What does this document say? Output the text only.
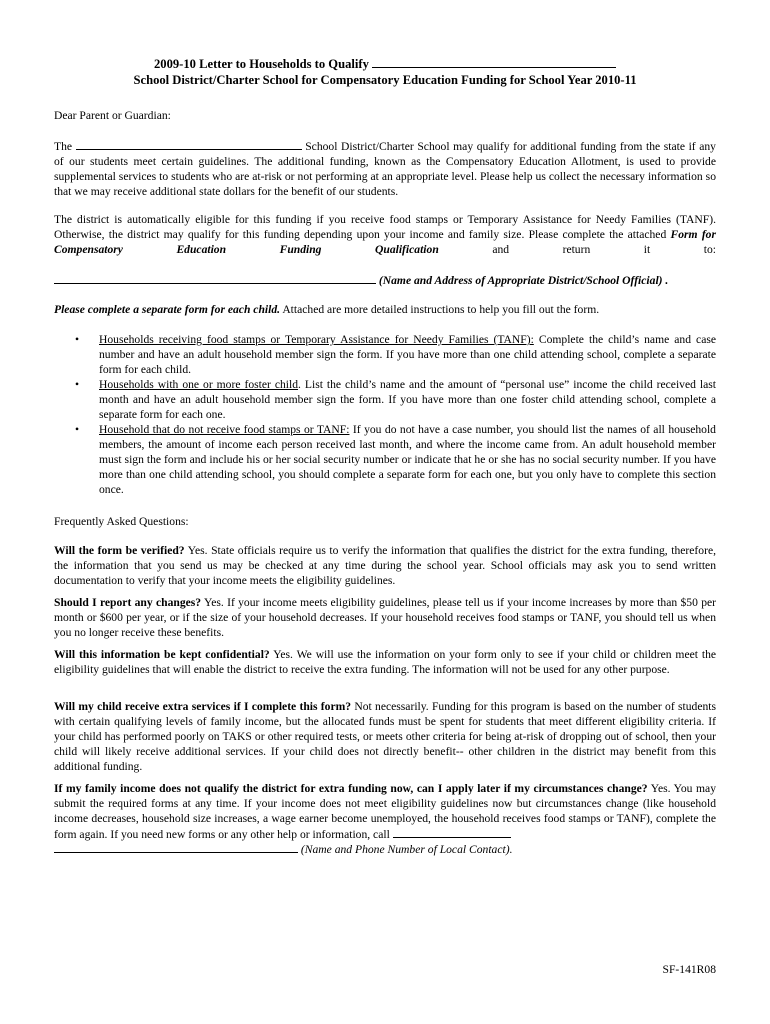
2009-10 Letter to Households to Qualify
School District/Charter School for Compensatory Education Funding for School Year 2010-11
Dear Parent or Guardian:
The	School District/Charter School may qualify for additional funding from the state if any of our students meet certain guidelines. The additional funding, known as the Compensatory Education Allotment, is used to provide supplemental services to students who are at-risk or not performing at an appropriate level. Please help us collect the necessary information so that we may receive additional state dollars for the benefit of our students.
The district is automatically eligible for this funding if you receive food stamps or Temporary Assistance for Needy Families (TANF). Otherwise, the district may qualify for this funding depending upon your income and family size. Please complete the attached Form for Compensatory Education Funding Qualification	and return it to:
(Name and Address of Appropriate District/School Official) .
Please complete a separate form for each child. Attached are more detailed instructions to help you fill out the form.
• Households receiving food stamps or Temporary Assistance for Needy Families (TANF): Complete the child’s name and case number and have an adult household member sign the form. If you have more than one child attending school, complete a separate form for each child.
• Households with one or more foster child. List the child’s name and the amount of “personal use” income the child received last month and have an adult household member sign the form. If you have more than one foster child attending school, complete a separate form for each one.
• Household that do not receive food stamps or TANF: If you do not have a case number, you should list the names of all household members, the amount of income each person received last month, and where the income came from. An adult household member must sign the form and include his or her social security number or indicate that he or she has no social security number. If you have more than one child attending school, you should complete a separate form for each one, but you only have to complete this section once.
Frequently Asked Questions:
Will the form be verified? Yes. State officials require us to verify the information that qualifies the district for the extra funding, therefore, the information that you send us may be checked at any time during the school year. School officials may ask you to send written documentation to verify that your income meets the eligibility guidelines.
Should I report any changes? Yes. If your income meets eligibility guidelines, please tell us if your income increases by more than $50 per month or $600 per year, or if the size of your household decreases. If your household receives food stamps or TANF, you should tell us when you no longer receive these benefits.
Will this information be kept confidential? Yes. We will use the information on your form only to see if your child or children meet the eligibility guidelines that will enable the district to receive the extra funding. The information will not be used for any other purpose.
Will my child receive extra services if I complete this form? Not necessarily. Funding for this program is based on the number of students with certain qualifying levels of family income, but the allocated funds must be spent for students that meet different eligibility criteria. If your child has performed poorly on TAKS or other required tests, or meets other criteria for being at-risk of dropping out of school, then your child will likely receive additional services. If your child does not directly benefit-- other children in the district may benefit from this additional funding.
If my family income does not qualify the district for extra funding now, can I apply later if my circumstances change? Yes. You may submit the required forms at any time. If your income does not meet eligibility guidelines now but circumstances change (like household income decreases, household size increases, a wage earner become unemployed, the household receives food stamps or TANF), complete the form again. If you need new forms or any other help or information, call
(Name and Phone Number of Local Contact).
SF-141R08
